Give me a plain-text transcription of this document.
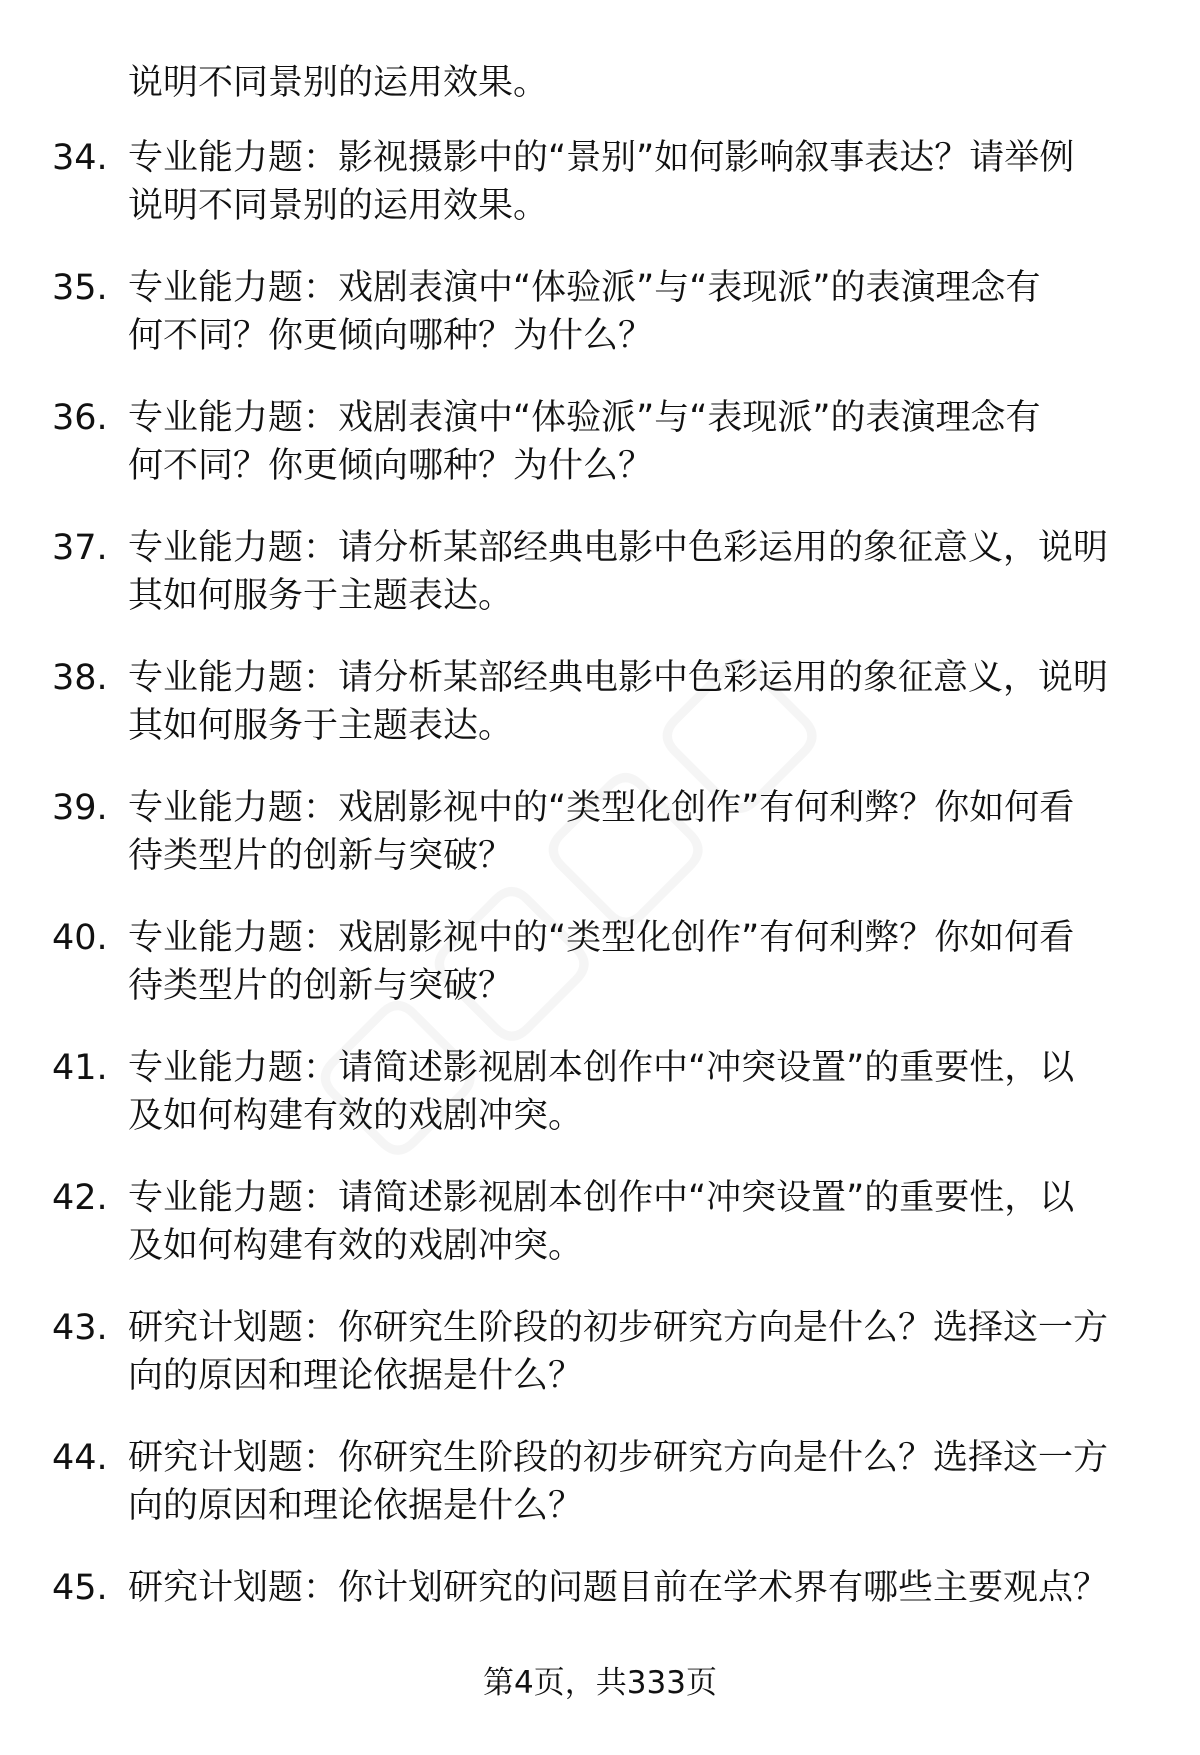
说明不同景别的运用效果。
34. 专业能力题：影视摄影中的“景别”如何影响叙事表达？请举例
说明不同景别的运用效果。
35. 专业能力题：戏剧表演中“体验派”与“表现派”的表演理念有
何不同？你更倾向哪种？为什么？
36. 专业能力题：戏剧表演中“体验派”与“表现派”的表演理念有
何不同？你更倾向哪种？为什么？
37. 专业能力题：请分析某部经典电影中色彩运用的象征意义，说明
其如何服务于主题表达。
38. 专业能力题：请分析某部经典电影中色彩运用的象征意义，说明
其如何服务于主题表达。
39. 专业能力题：戏剧影视中的“类型化创作”有何利弊？你如何看
待类型片的创新与突破？
40. 专业能力题：戏剧影视中的“类型化创作”有何利弊？你如何看
待类型片的创新与突破？
41. 专业能力题：请简述影视剧本创作中“冲突设置”的重要性，以
及如何构建有效的戏剧冲突。
42. 专业能力题：请简述影视剧本创作中“冲突设置”的重要性，以
及如何构建有效的戏剧冲突。
43. 研究计划题：你研究生阶段的初步研究方向是什么？选择这一方
向的原因和理论依据是什么？
44. 研究计划题：你研究生阶段的初步研究方向是什么？选择这一方
向的原因和理论依据是什么？
45. 研究计划题：你计划研究的问题目前在学术界有哪些主要观点？
第4页，共333页
